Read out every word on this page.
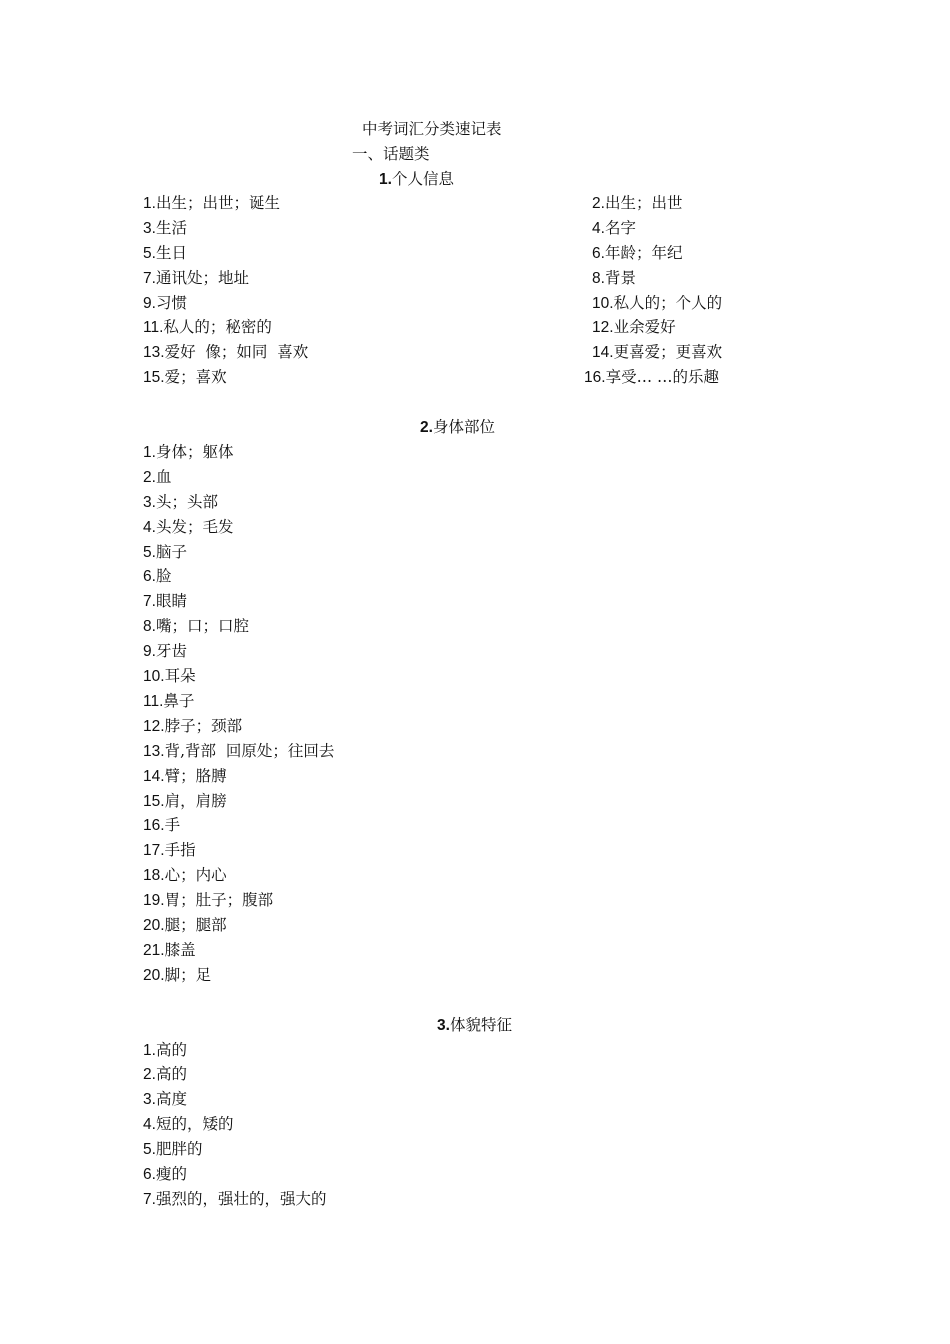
中考词汇分类速记表
一、话题类
1.个人信息
1.出生；出世；诞生
3.生活
5.生日
7.通讯处；地址
9.习惯
11.私人的；秘密的
13.爱好  像；如同  喜欢
15.爱；喜欢
2.出生；出世
4.名字
6.年龄；年纪
8.背景
10.私人的；个人的
12.业余爱好
14.更喜爱；更喜欢
16.享受… …的乐趣
2.身体部位
1.身体；躯体
2.血
3.头；头部
4.头发；毛发
5.脑子
6.脸
7.眼睛
8.嘴；口；口腔
9.牙齿
10.耳朵
11.鼻子
12.脖子；颈部
13.背,背部  回原处；往回去
14.臂；胳膊
15.肩，肩膀
16.手
17.手指
18.心；内心
19.胃；肚子；腹部
20.腿；腿部
21.膝盖
20.脚；足
3.体貌特征
1.高的
2.高的
3.高度
4.短的，矮的
5.肥胖的
6.瘦的
7.强烈的，强壮的，强大的
